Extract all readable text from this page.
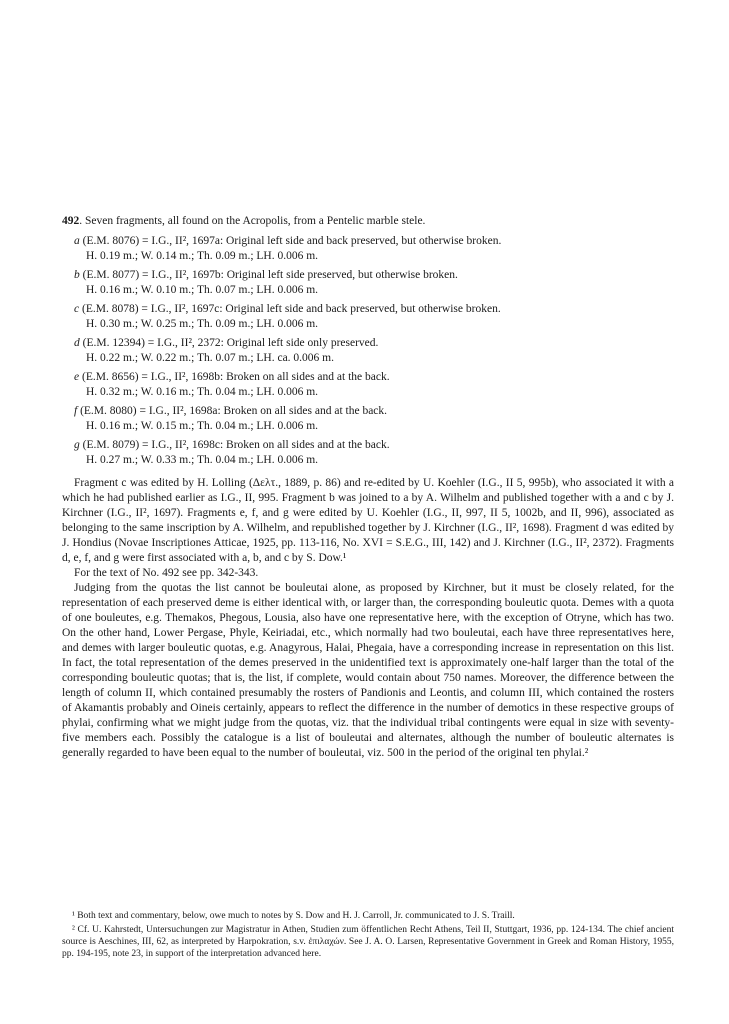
492. Seven fragments, all found on the Acropolis, from a Pentelic marble stele.

a (E.M. 8076) = I.G., II², 1697a: Original left side and back preserved, but otherwise broken.
H. 0.19 m.; W. 0.14 m.; Th. 0.09 m.; LH. 0.006 m.
b (E.M. 8077) = I.G., II², 1697b: Original left side preserved, but otherwise broken.
H. 0.16 m.; W. 0.10 m.; Th. 0.07 m.; LH. 0.006 m.
c (E.M. 8078) = I.G., II², 1697c: Original left side and back preserved, but otherwise broken.
H. 0.30 m.; W. 0.25 m.; Th. 0.09 m.; LH. 0.006 m.
d (E.M. 12394) = I.G., II², 2372: Original left side only preserved.
H. 0.22 m.; W. 0.22 m.; Th. 0.07 m.; LH. ca. 0.006 m.
e (E.M. 8656) = I.G., II², 1698b: Broken on all sides and at the back.
H. 0.32 m.; W. 0.16 m.; Th. 0.04 m.; LH. 0.006 m.
f (E.M. 8080) = I.G., II², 1698a: Broken on all sides and at the back.
H. 0.16 m.; W. 0.15 m.; Th. 0.04 m.; LH. 0.006 m.
g (E.M. 8079) = I.G., II², 1698c: Broken on all sides and at the back.
H. 0.27 m.; W. 0.33 m.; Th. 0.04 m.; LH. 0.006 m.

Fragment c was edited by H. Lolling (Δελτ., 1889, p. 86) and re-edited by U. Koehler (I.G., II 5, 995b), who associated it with a which he had published earlier as I.G., II, 995. Fragment b was joined to a by A. Wilhelm and published together with a and c by J. Kirchner (I.G., II², 1697). Fragments e, f, and g were edited by U. Koehler (I.G., II, 997, II 5, 1002b, and II, 996), associated as belonging to the same inscription by A. Wilhelm, and republished together by J. Kirchner (I.G., II², 1698). Fragment d was edited by J. Hondius (Novae Inscriptiones Atticae, 1925, pp. 113-116, No. XVI = S.E.G., III, 142) and J. Kirchner (I.G., II², 2372). Fragments d, e, f, and g were first associated with a, b, and c by S. Dow.¹

For the text of No. 492 see pp. 342-343.

Judging from the quotas the list cannot be bouleutai alone, as proposed by Kirchner, but it must be closely related, for the representation of each preserved deme is either identical with, or larger than, the corresponding bouleutic quota. Demes with a quota of one bouleutes, e.g. Themakos, Phegous, Lousia, also have one representative here, with the exception of Otryne, which has two. On the other hand, Lower Pergase, Phyle, Keiriadai, etc., which normally had two bouleutai, each have three representatives here, and demes with larger bouleutic quotas, e.g. Anagyrous, Halai, Phegaia, have a corresponding increase in representation on this list. In fact, the total representation of the demes preserved in the unidentified text is approximately one-half larger than the total of the corresponding bouleutic quotas; that is, the list, if complete, would contain about 750 names. Moreover, the difference between the length of column II, which contained presumably the rosters of Pandionis and Leontis, and column III, which contained the rosters of Akamantis probably and Oineis certainly, appears to reflect the difference in the number of demotics in these respective groups of phylai, confirming what we might judge from the quotas, viz. that the individual tribal contingents were equal in size with seventy-five members each. Possibly the catalogue is a list of bouleutai and alternates, although the number of bouleutic alternates is generally regarded to have been equal to the number of bouleutai, viz. 500 in the period of the original ten phylai.²

¹ Both text and commentary, below, owe much to notes by S. Dow and H. J. Carroll, Jr. communicated to J. S. Traill.

² Cf. U. Kahrstedt, Untersuchungen zur Magistratur in Athen, Studien zum öffentlichen Recht Athens, Teil II, Stuttgart, 1936, pp. 124-134. The chief ancient source is Aeschines, III, 62, as interpreted by Harpokration, s.v. ἐπιλαχών. See J. A. O. Larsen, Representative Government in Greek and Roman History, 1955, pp. 194-195, note 23, in support of the interpretation advanced here.
